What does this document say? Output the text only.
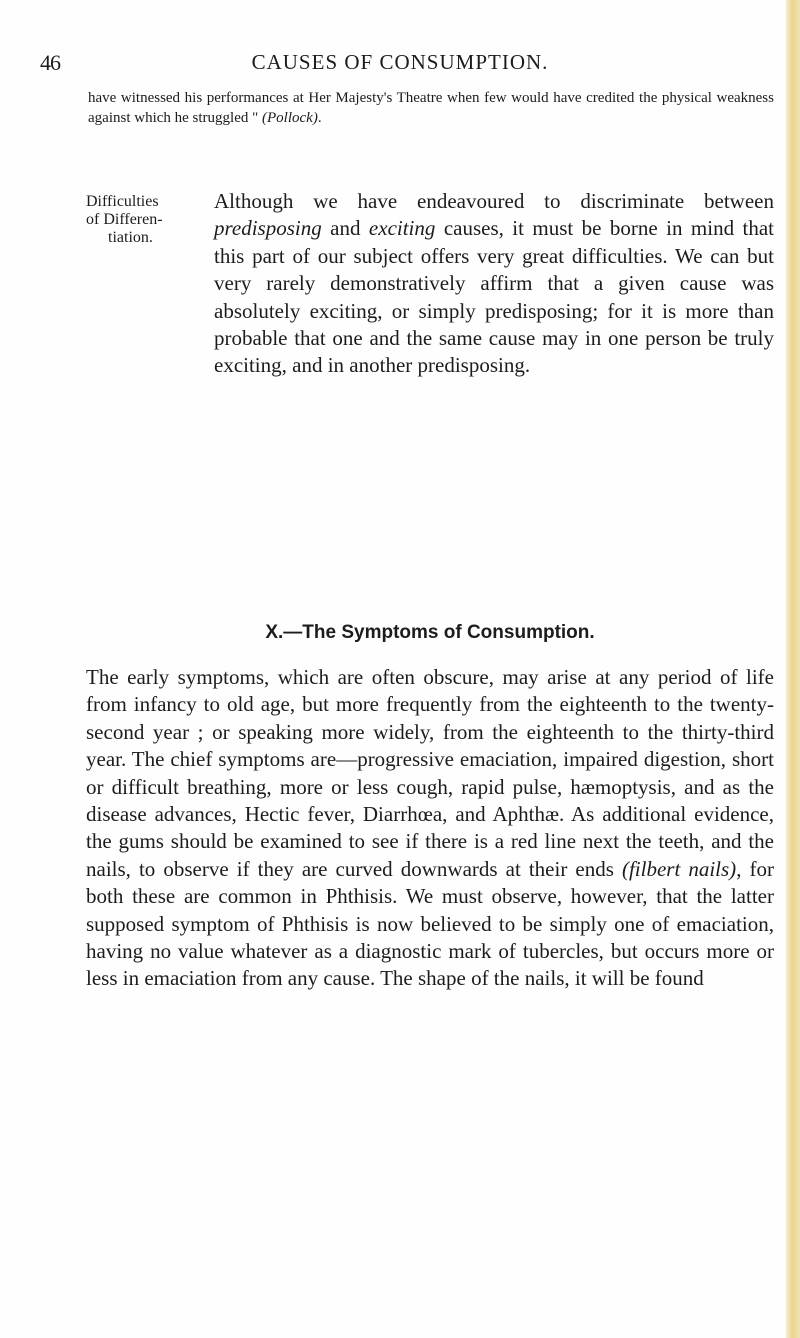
46	CAUSES OF CONSUMPTION.
have witnessed his performances at Her Majesty's Theatre when few would have credited the physical weakness against which he struggled " (Pollock).
Difficulties
of Differen-
tiation.
Although we have endeavoured to discriminate between predisposing and exciting causes, it must be borne in mind that this part of our subject offers very great difficulties. We can but very rarely demonstratively affirm that a given cause was absolutely exciting, or simply predisposing; for it is more than probable that one and the same cause may in one person be truly exciting, and in another predisposing.
X.—The Symptoms of Consumption.
The early symptoms, which are often obscure, may arise at any period of life from infancy to old age, but more frequently from the eighteenth to the twenty-second year ; or speaking more widely, from the eighteenth to the thirty-third year. The chief symptoms are—progressive emaciation, impaired digestion, short or difficult breathing, more or less cough, rapid pulse, hæmoptysis, and as the disease advances, Hectic fever, Diarrhœa, and Aphthæ. As additional evidence, the gums should be examined to see if there is a red line next the teeth, and the nails, to observe if they are curved downwards at their ends (filbert nails), for both these are common in Phthisis. We must observe, however, that the latter supposed symptom of Phthisis is now believed to be simply one of emaciation, having no value whatever as a diagnostic mark of tubercles, but occurs more or less in emaciation from any cause. The shape of the nails, it will be found
